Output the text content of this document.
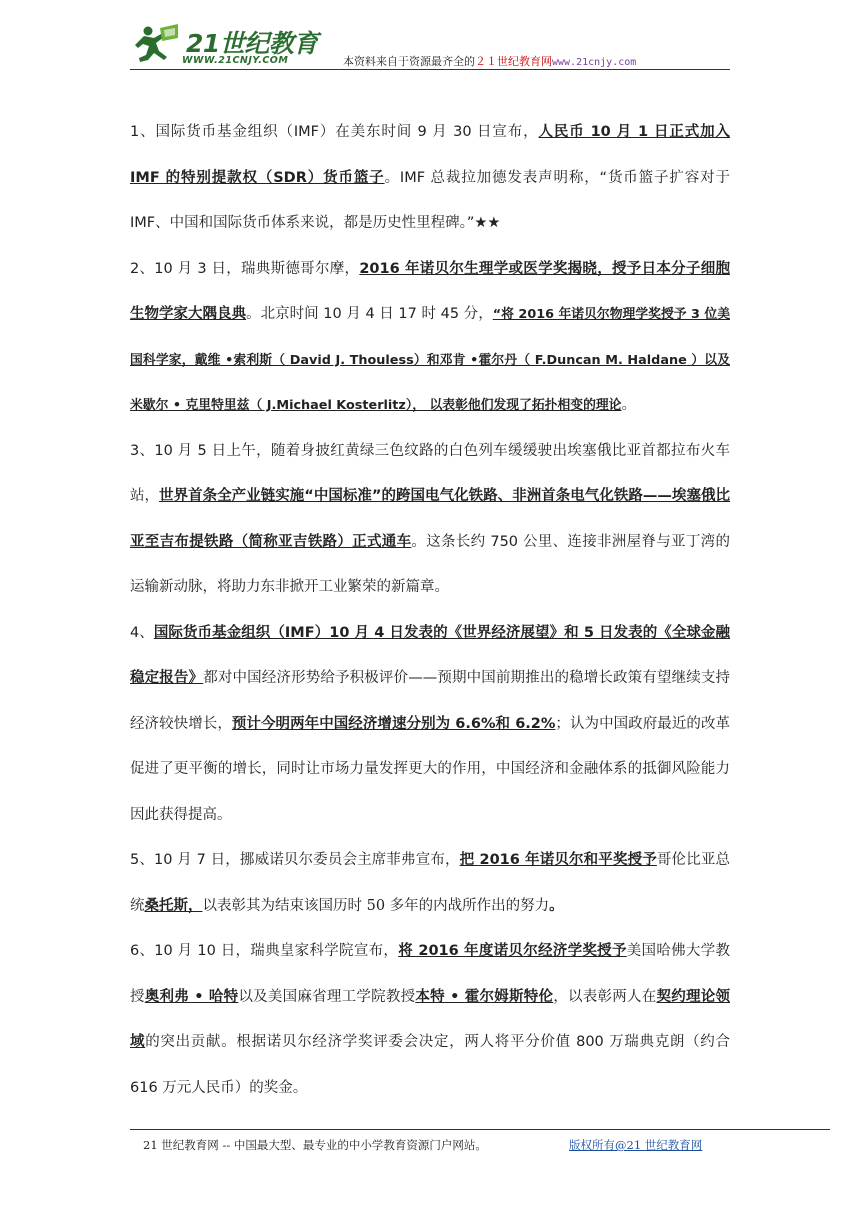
21世纪教育
WWW.21CNJY.COM	本资料来自于资源最齐全的２１世纪教育网www.21cnjy.com

1、国际货币基金组织（IMF）在美东时间 9 月 30 日宣布，人民币 10 月 1 日正式加入 IMF 的特别提款权（SDR）货币篮子。IMF 总裁拉加德发表声明称，“货币篮子扩容对于 IMF、中国和国际货币体系来说，都是历史性里程碑。”★★

2、10 月 3 日，瑞典斯德哥尔摩，2016 年诺贝尔生理学或医学奖揭晓，授予日本分子细胞生物学家大隅良典。北京时间 10 月 4 日 17 时 45 分，“将 2016 年诺贝尔物理学奖授予 3 位美国科学家，戴维 •索利斯（ David J. Thouless）和邓肯 •霍尔丹（ F.Duncan M. Haldane ）以及米歇尔 • 克里特里兹（ J.Michael Kosterlitz）， 以表彰他们发现了拓扑相变的理论。

3、10 月 5 日上午，随着身披红黄绿三色纹路的白色列车缓缓驶出埃塞俄比亚首都拉布火车站，世界首条全产业链实施“中国标准”的跨国电气化铁路、非洲首条电气化铁路——埃塞俄比亚至吉布提铁路（简称亚吉铁路）正式通车。这条长约 750 公里、连接非洲屋脊与亚丁湾的运输新动脉，将助力东非掀开工业繁荣的新篇章。

4、国际货币基金组织（IMF）10 月 4 日发表的《世界经济展望》和 5 日发表的《全球金融稳定报告》都对中国经济形势给予积极评价——预期中国前期推出的稳增长政策有望继续支持经济较快增长，预计今明两年中国经济增速分别为 6.6%和 6.2%；认为中国政府最近的改革促进了更平衡的增长，同时让市场力量发挥更大的作用，中国经济和金融体系的抵御风险能力因此获得提高。

5、10 月 7 日，挪威诺贝尔委员会主席菲弗宣布，把 2016 年诺贝尔和平奖授予哥伦比亚总统桑托斯，以表彰其为结束该国历时 50 多年的内战所作出的努力。

6、10 月 10 日，瑞典皇家科学院宣布，将 2016 年度诺贝尔经济学奖授予美国哈佛大学教授奥利弗 • 哈特以及美国麻省理工学院教授本特 • 霍尔姆斯特伦，以表彰两人在契约理论领域的突出贡献。根据诺贝尔经济学奖评委会决定，两人将平分价值 800 万瑞典克朗（约合 616 万元人民币）的奖金。

21 世纪教育网 -- 中国最大型、最专业的中小学教育资源门户网站。	版权所有@21 世纪教育网
